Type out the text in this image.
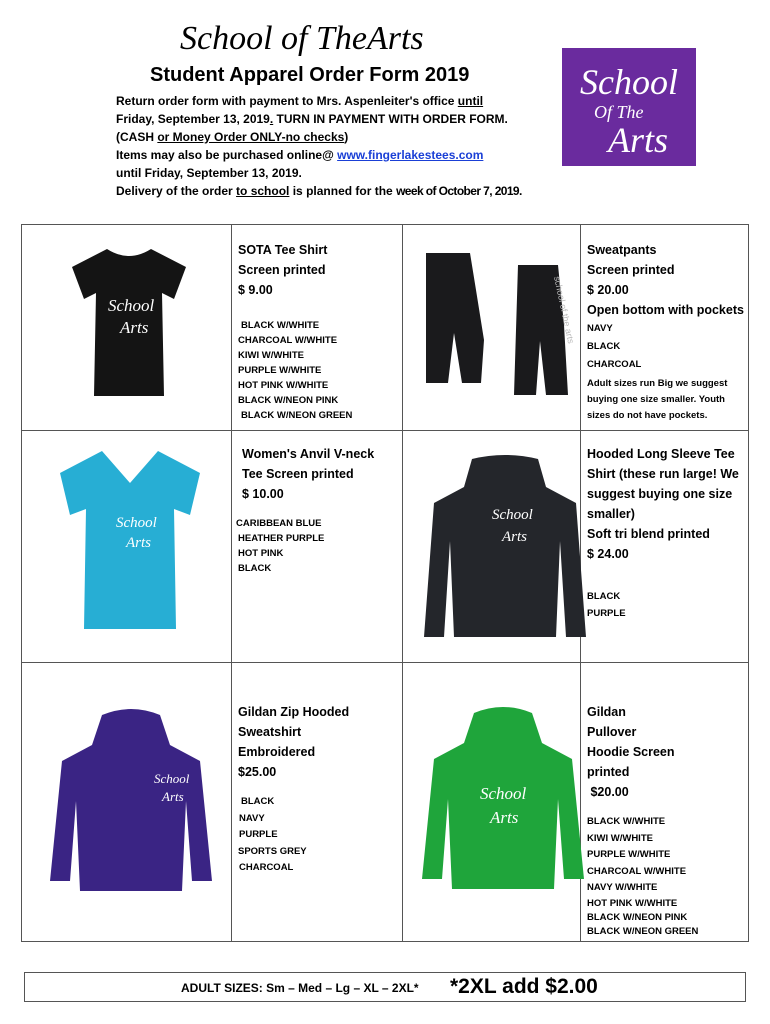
School of TheArts
Student Apparel Order Form 2019
Return order form with payment to Mrs. Aspenleiter's office until
Friday, September 13, 2019. TURN IN PAYMENT WITH ORDER FORM.
(CASH or Money Order ONLY-no checks)
Items may also be purchased online@ www.fingerlakestees.com
until Friday, September 13, 2019.
Delivery of the order to school is planned for the week of October 7, 2019.
School
Of The
Arts
School
Arts	school of the arts
School
Arts
School
Arts
School
Arts	School
Arts
SOTA Tee Shirt
Screen printed
$ 9.00
BLACK W/WHITE
CHARCOAL W/WHITE
KIWI W/WHITE
PURPLE W/WHITE
HOT PINK W/WHITE
BLACK W/NEON PINK
BLACK W/NEON GREEN
Sweatpants
Screen printed
$ 20.00
Open bottom with pockets
NAVY
BLACK
CHARCOAL
Adult sizes run Big we suggest buying one size smaller. Youth sizes do not have pockets.
Women's Anvil V-neck
Tee Screen printed
$ 10.00
CARIBBEAN BLUE
HEATHER PURPLE
HOT PINK
BLACK
Hooded Long Sleeve Tee
Shirt (these run large! We
suggest buying one size
smaller)
Soft tri blend printed
$ 24.00
BLACK
PURPLE
Gildan Zip Hooded
Sweatshirt
Embroidered
$25.00
BLACK
NAVY
PURPLE
SPORTS GREY
CHARCOAL
Gildan
Pullover
Hoodie Screen
printed
$20.00
BLACK W/WHITE
KIWI W/WHITE
PURPLE W/WHITE
CHARCOAL W/WHITE
NAVY W/WHITE
HOT PINK W/WHITE
BLACK W/NEON PINK
BLACK W/NEON GREEN
ADULT SIZES: Sm – Med – Lg – XL – 2XL* *2XL add $2.00
